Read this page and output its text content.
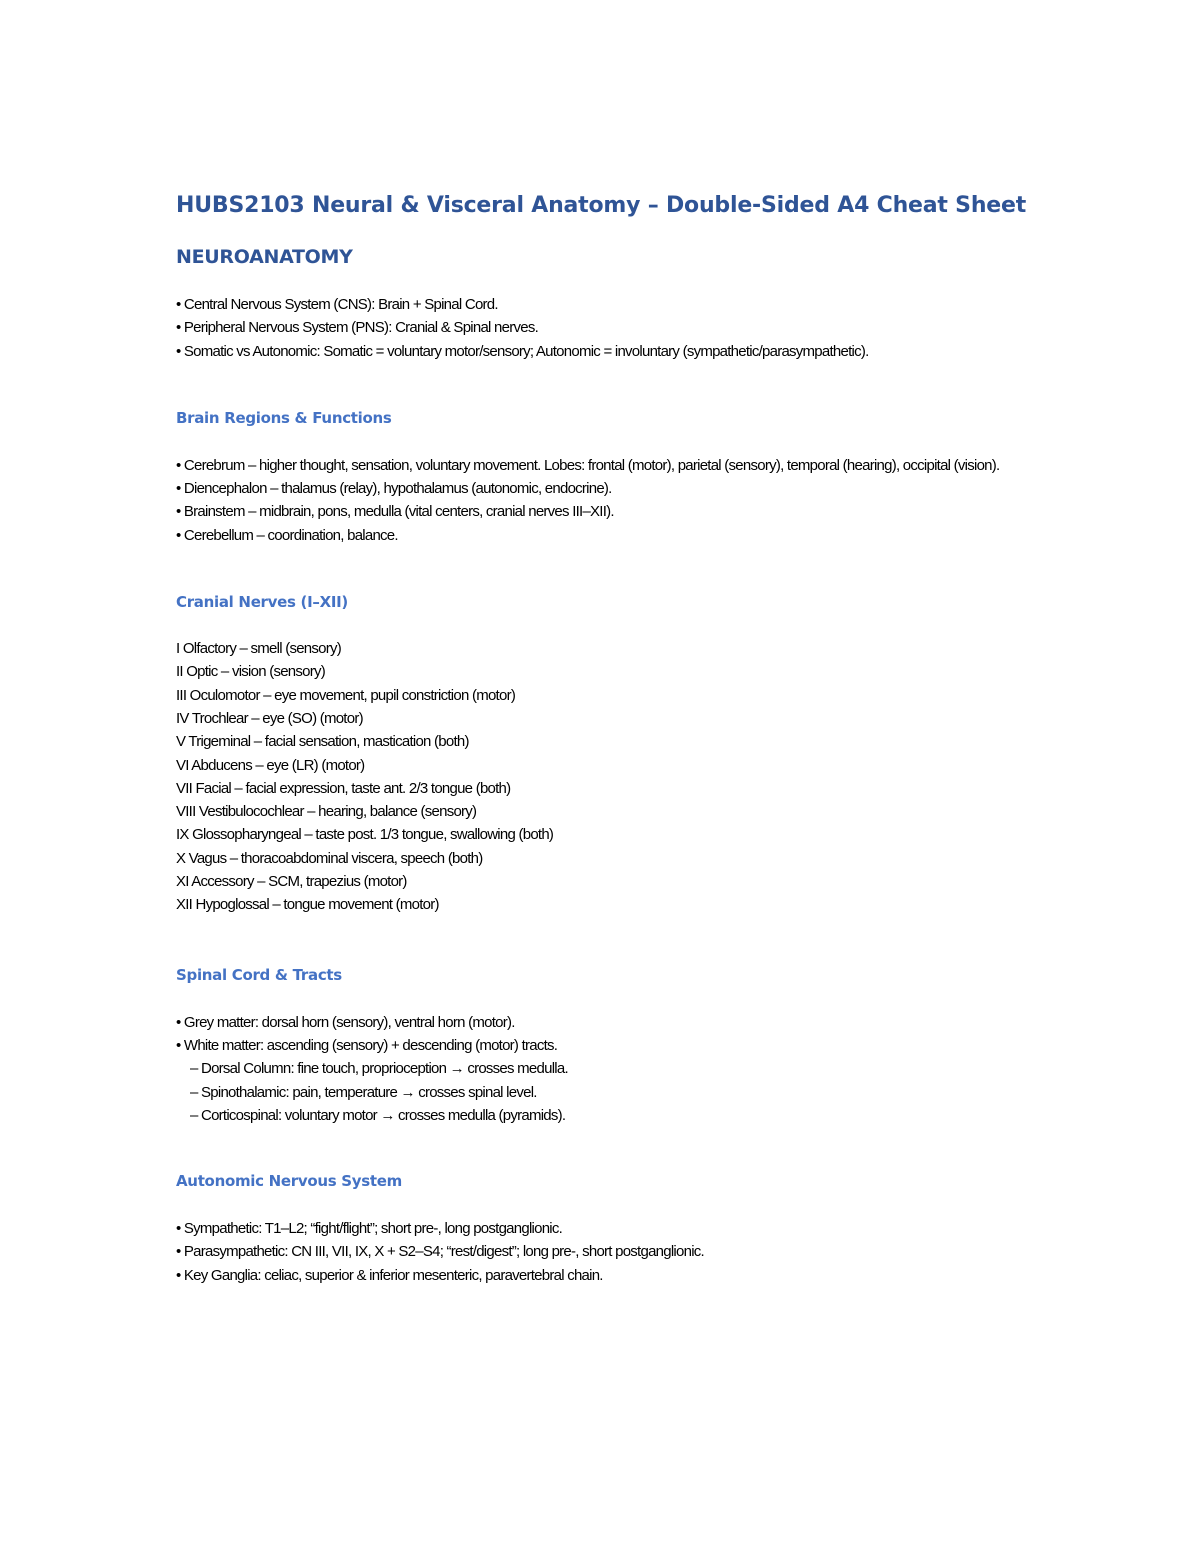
HUBS2103 Neural & Visceral Anatomy – Double-Sided A4 Cheat Sheet
NEUROANATOMY

• Central Nervous System (CNS): Brain + Spinal Cord.

• Peripheral Nervous System (PNS): Cranial & Spinal nerves.

• Somatic vs Autonomic: Somatic = voluntary motor/sensory; Autonomic = involuntary (sympathetic/parasympathetic).

Brain Regions & Functions

• Cerebrum – higher thought, sensation, voluntary movement. Lobes: frontal (motor), parietal (sensory), temporal (hearing), occipital (vision).

• Diencephalon – thalamus (relay), hypothalamus (autonomic, endocrine).

• Brainstem – midbrain, pons, medulla (vital centers, cranial nerves III–XII).

• Cerebellum – coordination, balance.

Cranial Nerves (I–XII)

I Olfactory – smell (sensory)

II Optic – vision (sensory)

III Oculomotor – eye movement, pupil constriction (motor)

IV Trochlear – eye (SO) (motor)

V Trigeminal – facial sensation, mastication (both)

VI Abducens – eye (LR) (motor)

VII Facial – facial expression, taste ant. 2/3 tongue (both)

VIII Vestibulocochlear – hearing, balance (sensory)

IX Glossopharyngeal – taste post. 1/3 tongue, swallowing (both)

X Vagus – thoracoabdominal viscera, speech (both)

XI Accessory – SCM, trapezius (motor)

XII Hypoglossal – tongue movement (motor)

Spinal Cord & Tracts

• Grey matter: dorsal horn (sensory), ventral horn (motor).

• White matter: ascending (sensory) + descending (motor) tracts.

– Dorsal Column: fine touch, proprioception → crosses medulla.

– Spinothalamic: pain, temperature → crosses spinal level.

– Corticospinal: voluntary motor → crosses medulla (pyramids).

Autonomic Nervous System

• Sympathetic: T1–L2; “fight/flight”; short pre-, long postganglionic.

• Parasympathetic: CN III, VII, IX, X + S2–S4; “rest/digest”; long pre-, short postganglionic.

• Key Ganglia: celiac, superior & inferior mesenteric, paravertebral chain.
